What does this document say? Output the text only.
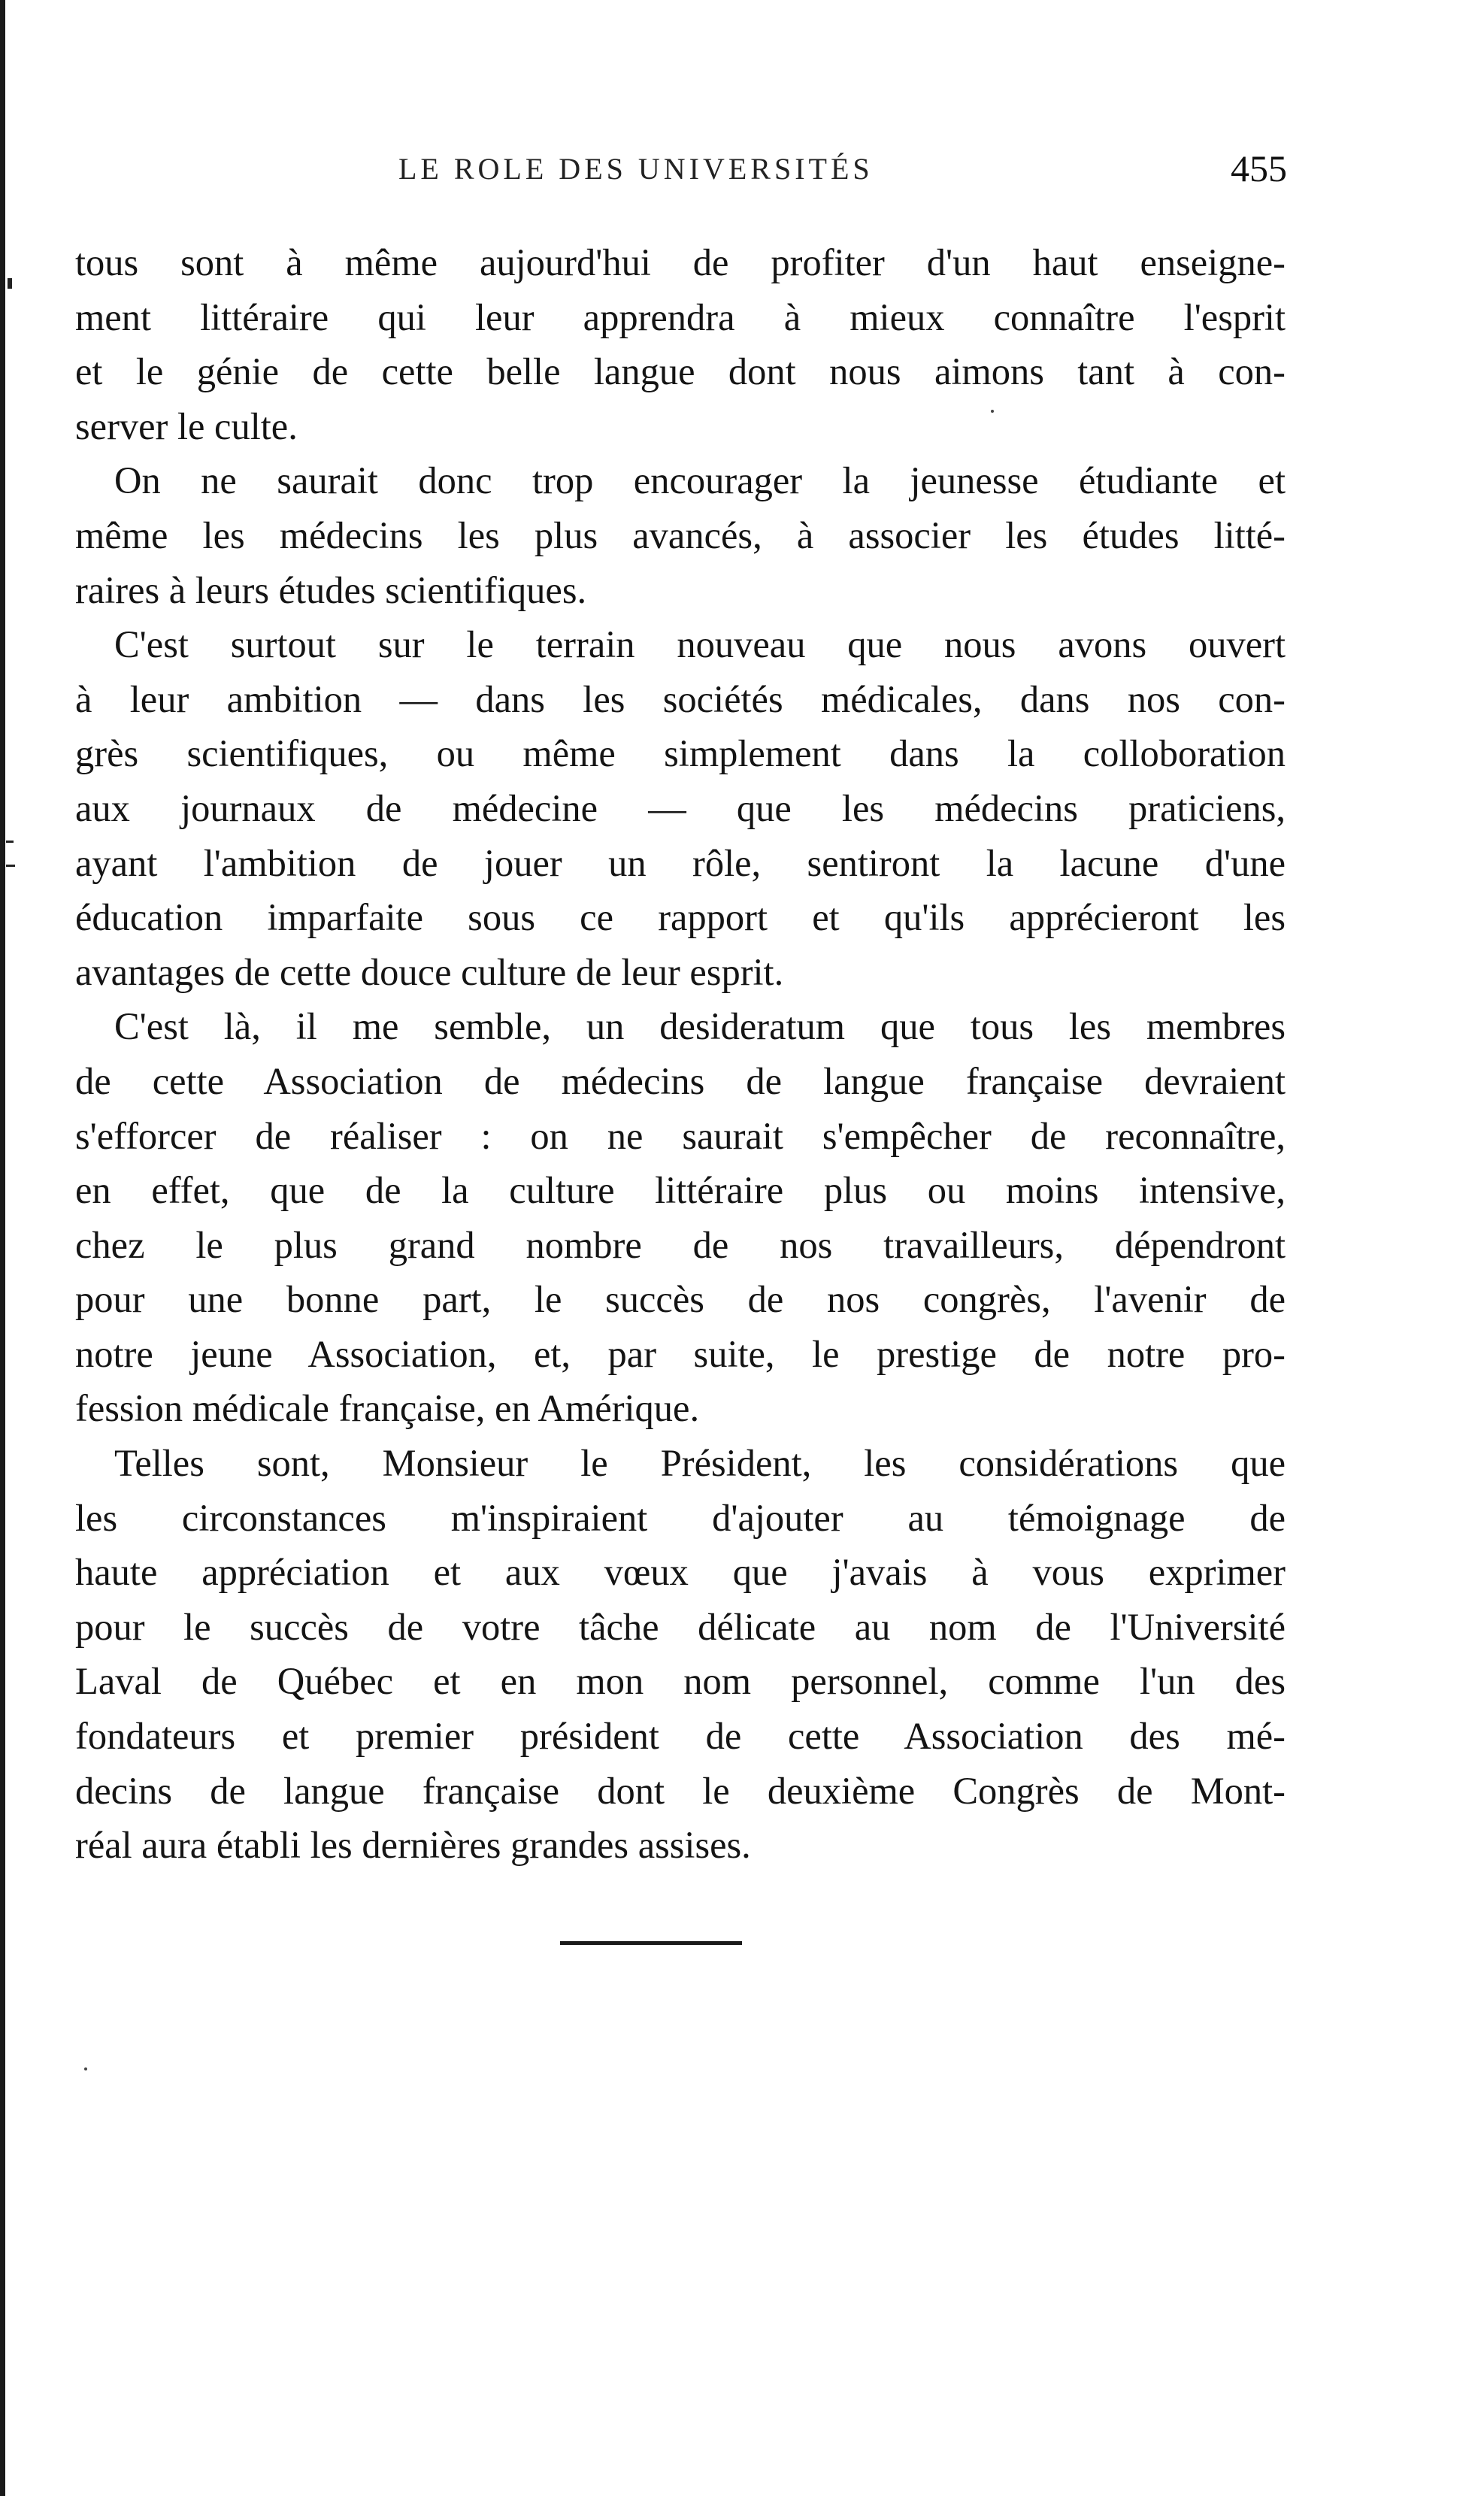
LE ROLE DES UNIVERSITÉS	455

tous sont à même aujourd'hui de profiter d'un haut enseigne-
ment littéraire qui leur apprendra à mieux connaître l'esprit
et le génie de cette belle langue dont nous aimons tant à con-
server le culte.

On ne saurait donc trop encourager la jeunesse étudiante et
même les médecins les plus avancés, à associer les études litté-
raires à leurs études scientifiques.

C'est surtout sur le terrain nouveau que nous avons ouvert
à leur ambition — dans les sociétés médicales, dans nos con-
grès scientifiques, ou même simplement dans la colloboration
aux journaux de médecine — que les médecins praticiens,
ayant l'ambition de jouer un rôle, sentiront la lacune d'une
éducation imparfaite sous ce rapport et qu'ils apprécieront les
avantages de cette douce culture de leur esprit.

C'est là, il me semble, un desideratum que tous les membres
de cette Association de médecins de langue française devraient
s'efforcer de réaliser : on ne saurait s'empêcher de reconnaître,
en effet, que de la culture littéraire plus ou moins intensive,
chez le plus grand nombre de nos travailleurs, dépendront
pour une bonne part, le succès de nos congrès, l'avenir de
notre jeune Association, et, par suite, le prestige de notre pro-
fession médicale française, en Amérique.

Telles sont, Monsieur le Président, les considérations que
les circonstances m'inspiraient d'ajouter au témoignage de
haute appréciation et aux vœux que j'avais à vous exprimer
pour le succès de votre tâche délicate au nom de l'Université
Laval de Québec et en mon nom personnel, comme l'un des
fondateurs et premier président de cette Association des mé-
decins de langue française dont le deuxième Congrès de Mont-
réal aura établi les dernières grandes assises.
